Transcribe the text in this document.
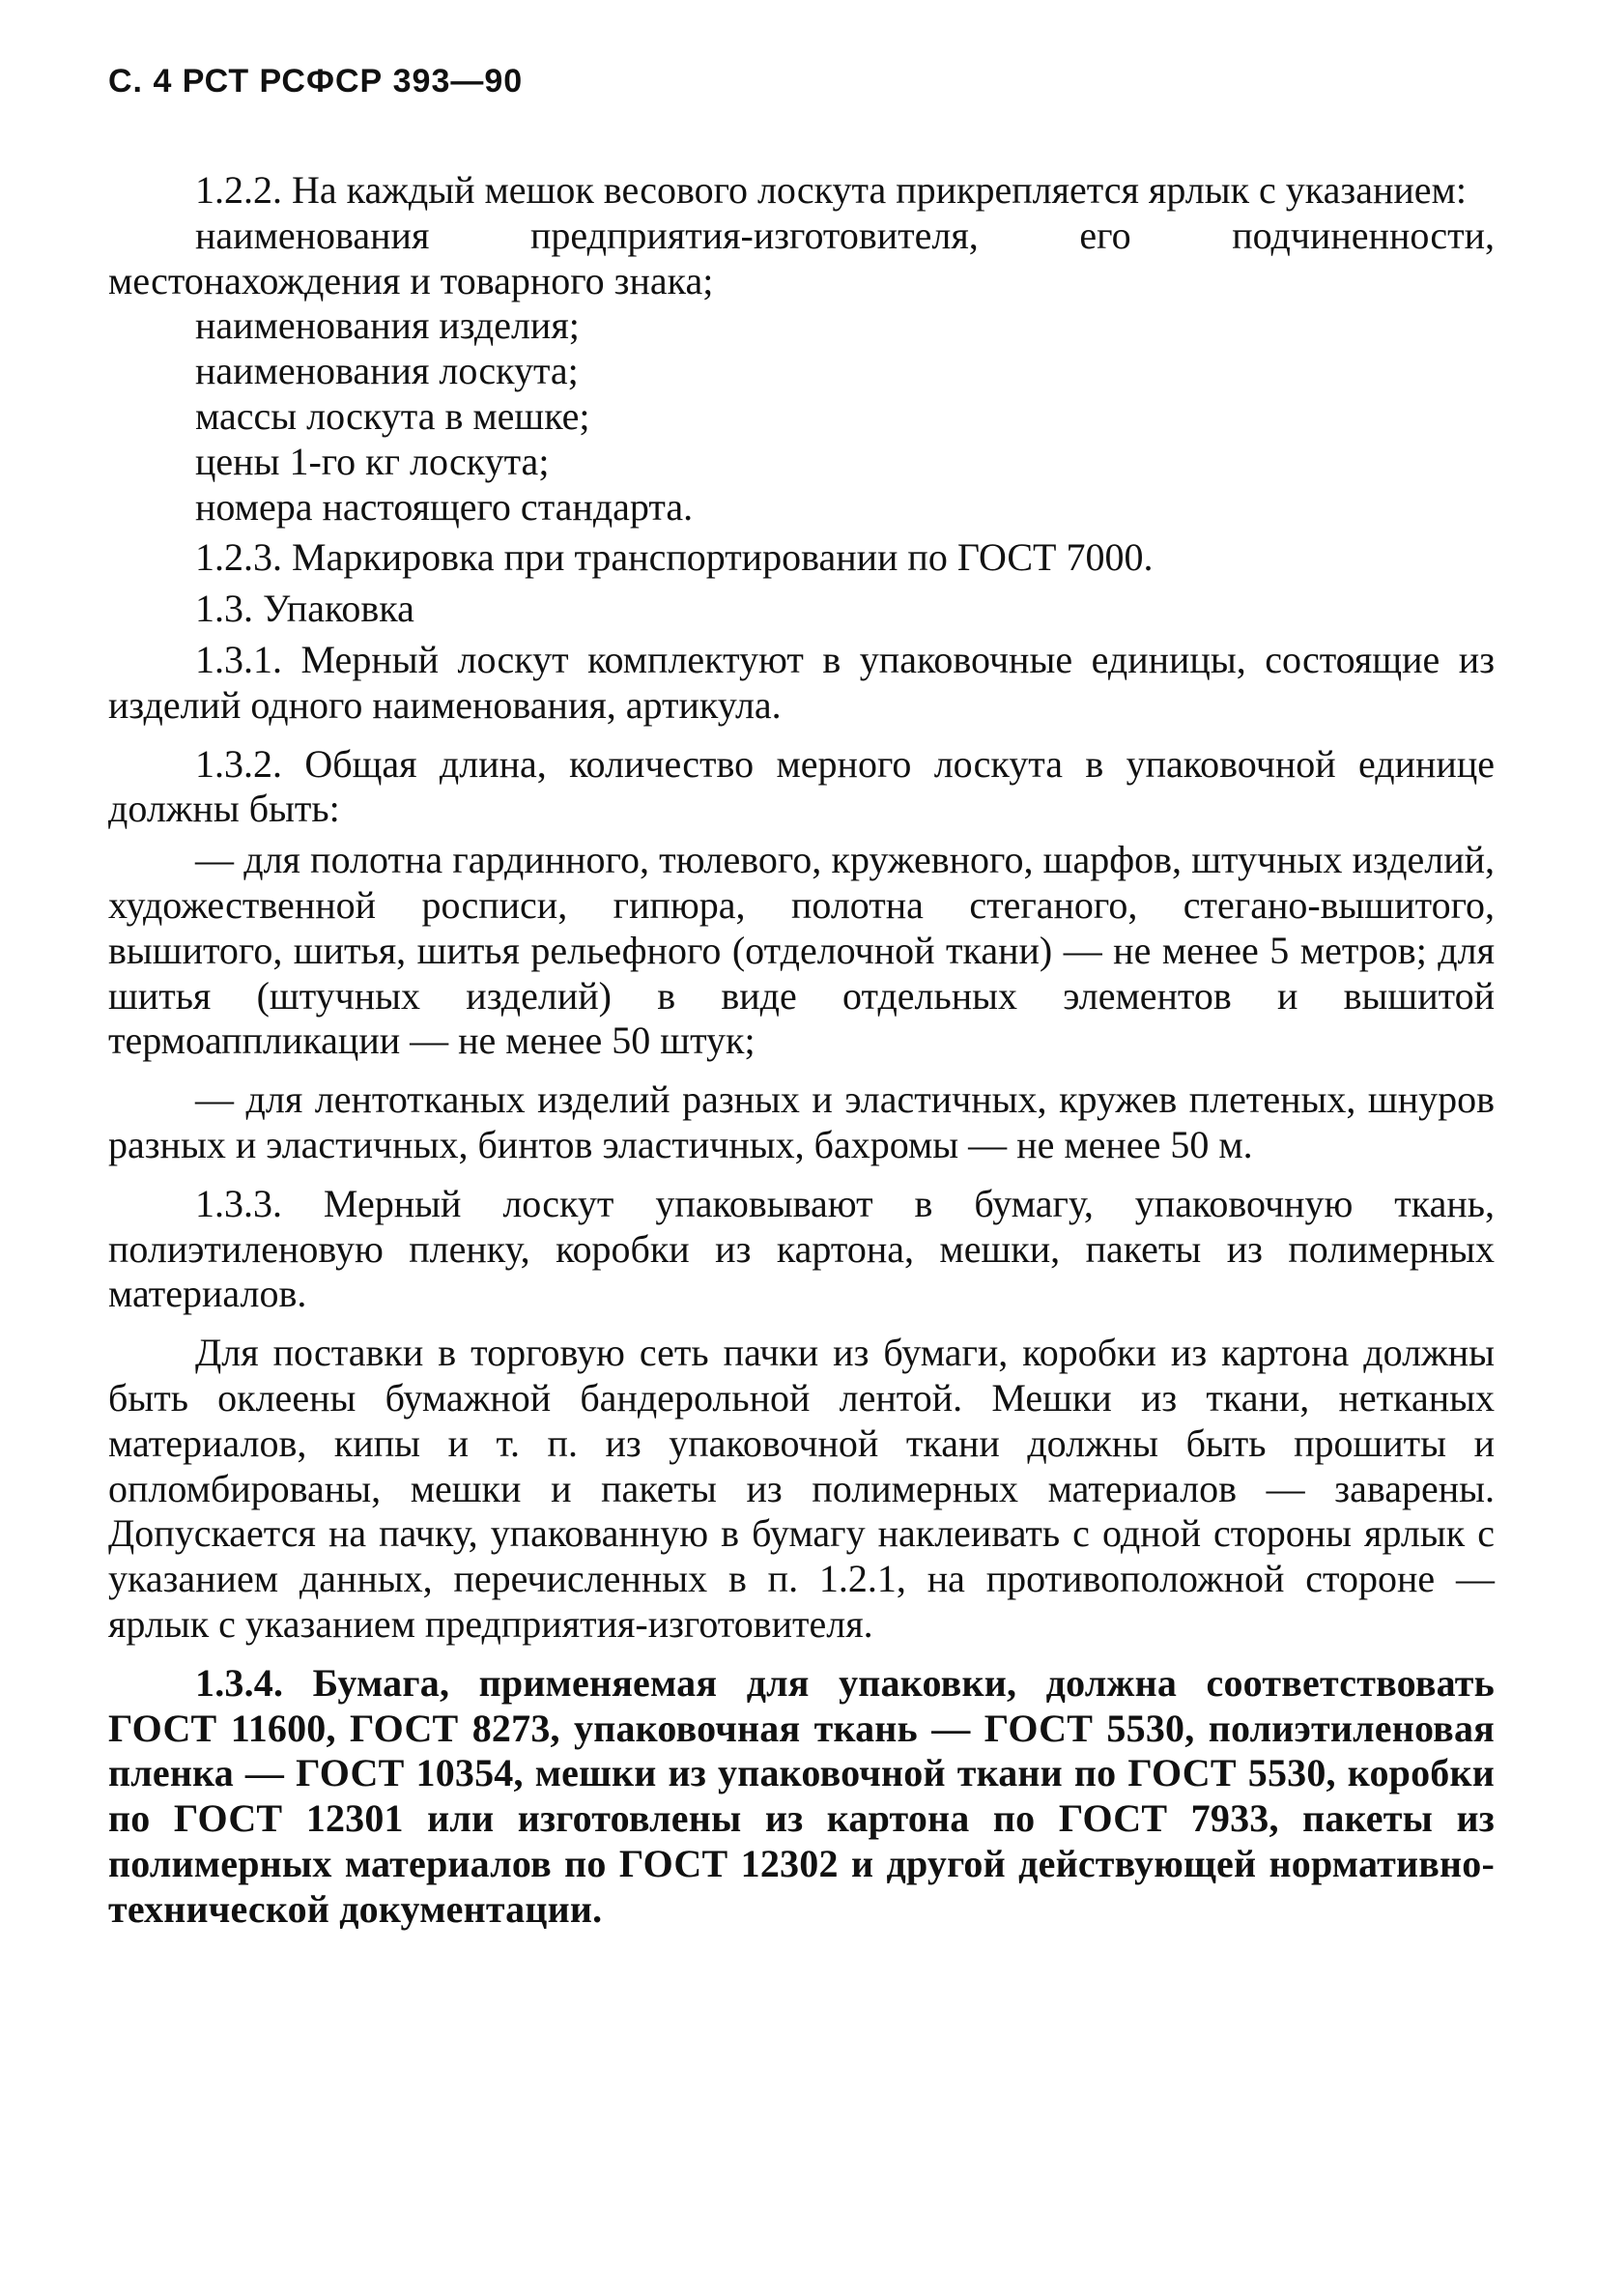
С. 4 РСТ РСФСР 393—90

1.2.2. На каждый мешок весового лоскута прикрепляется ярлык с указанием:

наименования предприятия-изготовителя, его подчиненности, местонахождения и товарного знака;

наименования изделия;

наименования лоскута;

массы лоскута в мешке;

цены 1-го кг лоскута;

номера настоящего стандарта.

1.2.3. Маркировка при транспортировании по ГОСТ 7000.

1.3. Упаковка

1.3.1. Мерный лоскут комплектуют в упаковочные единицы, состоящие из изделий одного наименования, артикула.

1.3.2. Общая длина, количество мерного лоскута в упаковочной единице должны быть:

— для полотна гардинного, тюлевого, кружевного, шарфов, штучных изделий, художественной росписи, гипюра, полотна стеганого, стегано-вышитого, вышитого, шитья, шитья рельефного (отделочной ткани) — не менее 5 метров; для шитья (штучных изделий) в виде отдельных элементов и вышитой термоаппликации — не менее 50 штук;

— для лентотканых изделий разных и эластичных, кружев плетеных, шнуров разных и эластичных, бинтов эластичных, бахромы — не менее 50 м.

1.3.3. Мерный лоскут упаковывают в бумагу, упаковочную ткань, полиэтиленовую пленку, коробки из картона, мешки, пакеты из полимерных материалов.

Для поставки в торговую сеть пачки из бумаги, коробки из картона должны быть оклеены бумажной бандерольной лентой. Мешки из ткани, нетканых материалов, кипы и т. п. из упаковочной ткани должны быть прошиты и опломбированы, мешки и пакеты из полимерных материалов — заварены. Допускается на пачку, упакованную в бумагу наклеивать с одной стороны ярлык с указанием данных, перечисленных в п. 1.2.1, на противоположной стороне — ярлык с указанием предприятия-изготовителя.

1.3.4. Бумага, применяемая для упаковки, должна соответствовать ГОСТ 11600, ГОСТ 8273, упаковочная ткань — ГОСТ 5530, полиэтиленовая пленка — ГОСТ 10354, мешки из упаковочной ткани по ГОСТ 5530, коробки по ГОСТ 12301 или изготовлены из картона по ГОСТ 7933, пакеты из полимерных материалов по ГОСТ 12302 и другой действующей нормативно-технической документации.
